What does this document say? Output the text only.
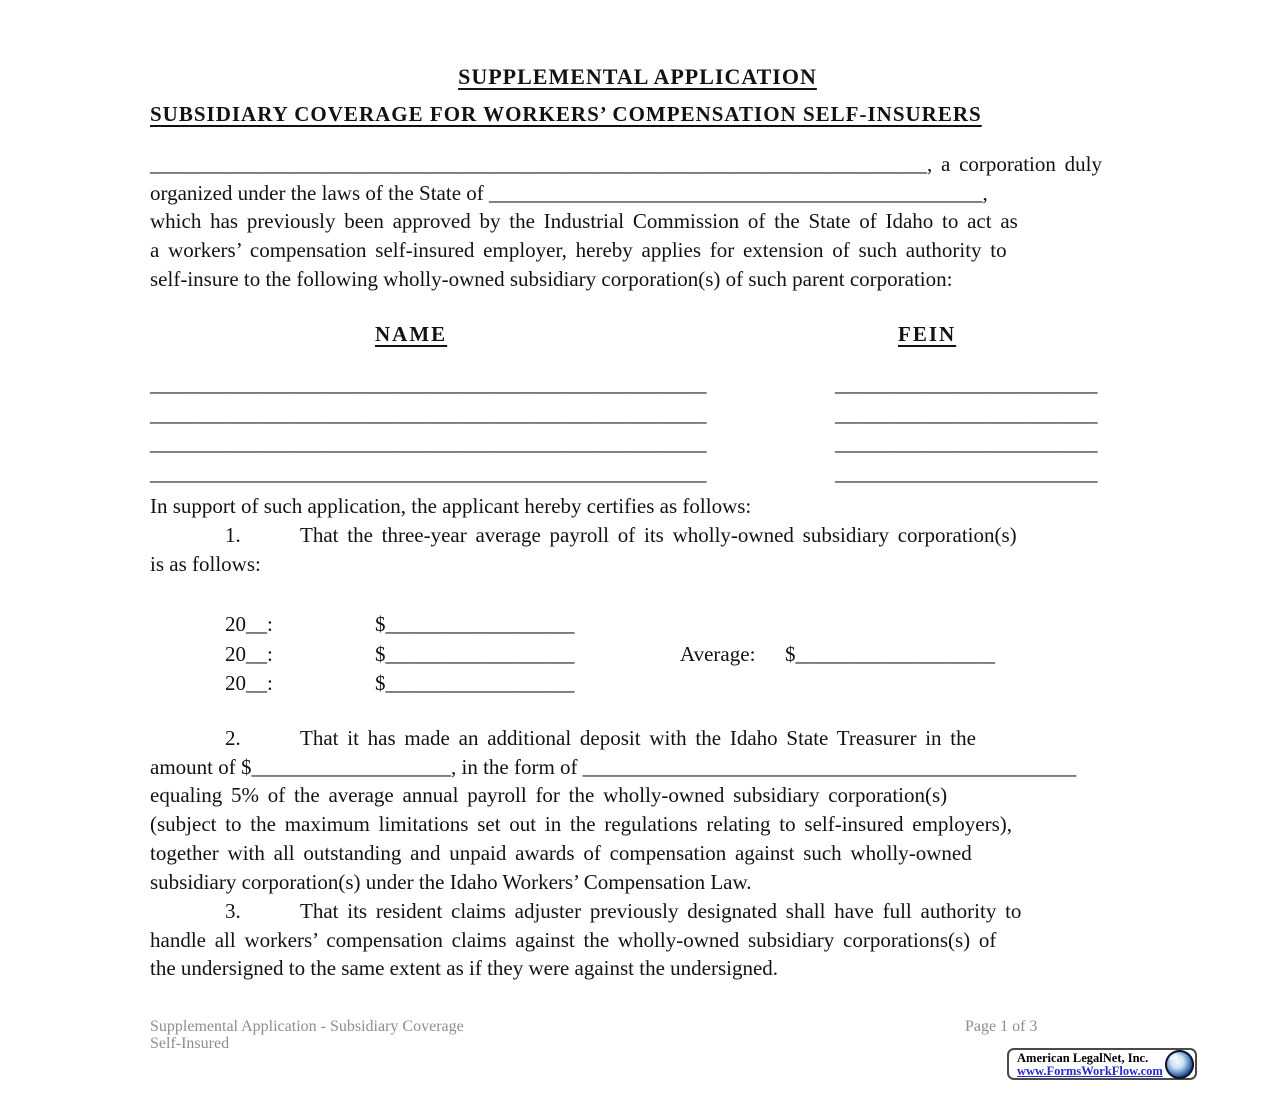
SUPPLEMENTAL APPLICATION
SUBSIDIARY COVERAGE FOR WORKERS’ COMPENSATION SELF-INSURERS
__________________________________________________________________________, a corporation duly
organized under the laws of the State of _______________________________________________,
which has previously been approved by the Industrial Commission of the State of Idaho to act as
a workers’ compensation self-insured employer, hereby applies for extension of such authority to
self-insure to the following wholly-owned subsidiary corporation(s) of such parent corporation:
NAME	FEIN
_____________________________________________________	_________________________
_____________________________________________________	_________________________
_____________________________________________________	_________________________
_____________________________________________________	_________________________
In support of such application, the applicant hereby certifies as follows:
1.	That the three-year average payroll of its wholly-owned subsidiary corporation(s)
is as follows:
20__:	$__________________
20__:	$__________________	Average: $___________________
20__:	$__________________
2.	That it has made an additional deposit with the Idaho State Treasurer in the
amount of $___________________, in the form of _______________________________________________
equaling 5% of the average annual payroll for the wholly-owned subsidiary corporation(s)
(subject to the maximum limitations set out in the regulations relating to self-insured employers),
together with all outstanding and unpaid awards of compensation against such wholly-owned
subsidiary corporation(s) under the Idaho Workers’ Compensation Law.
3.	That its resident claims adjuster previously designated shall have full authority to
handle all workers’ compensation claims against the wholly-owned subsidiary corporations(s) of
the undersigned to the same extent as if they were against the undersigned.
Supplemental Application - Subsidiary Coverage
Self-Insured
Page 1 of 3
American LegalNet, Inc.
www.FormsWorkFlow.com
